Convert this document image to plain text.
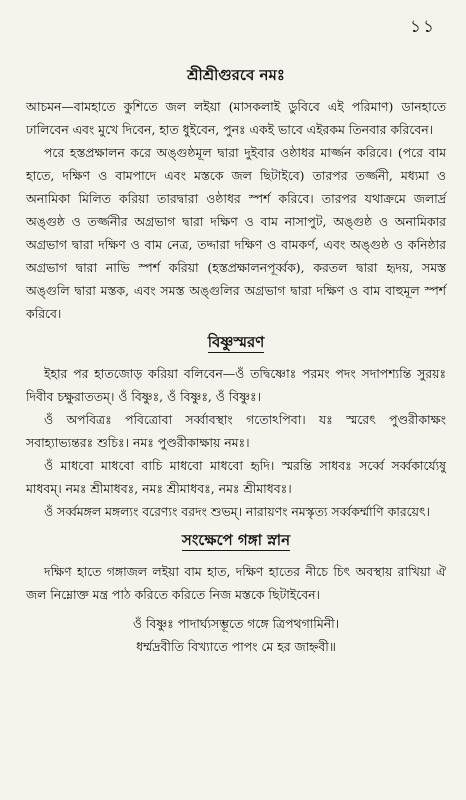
১১
শ্রীশ্রীগুরবে নমঃ

আচমন—বামহাতে কুশিতে জল লইয়া (মাসকলাই ডুবিবে এই পরিমাণ) ডানহাতে ঢালিবেন এবং মুখে দিবেন, হাত ধুইবেন, পুনঃ একই ভাবে এইরকম তিনবার করিবেন।

পরে হস্তপ্রক্ষালন করে অঙ্গুষ্ঠমূল দ্বারা দুইবার ওষ্ঠাধর মার্জ্জন করিবে। (পরে বাম হাতে, দক্ষিণ ও বামপাদে এবং মস্তকে জল ছিটাইবে) তারপর তর্জ্জনী, মধ্যমা ও অনামিকা মিলিত করিয়া তারদ্বারা ওষ্ঠাধর স্পর্শ করিবে। তারপর যথাক্রমে জলার্দ্র অঙ্গুষ্ঠ ও তর্জ্জনীর অগ্রভাগ দ্বারা দক্ষিণ ও বাম নাসাপুট, অঙ্গুষ্ঠ ও অনামিকার অগ্রভাগ দ্বারা দক্ষিণ ও বাম নেত্র, তদ্দারা দক্ষিণ ও বামকর্ণ, এবং অঙ্গুষ্ঠ ও কনিষ্ঠার অগ্রভাগ দ্বারা নাভি স্পর্শ করিয়া (হস্তপ্রক্ষালনপূর্ব্বক), করতল দ্বারা হৃদয়, সমস্ত অঙ্গুলি দ্বারা মস্তক, এবং সমস্ত অঙ্গুলির অগ্রভাগ দ্বারা দক্ষিণ ও বাম বাহুমূল স্পর্শ করিবে।

বিষ্ণুস্মরণ

ইহার পর হাতজোড় করিয়া বলিবেন—ওঁ তদ্বিষ্ণোঃ পরমং পদং সদাপশ্যন্তি সুরয়ঃ দিবীব চক্ষুরাততম্। ওঁ বিষ্ণুঃ, ওঁ বিষ্ণুঃ, ওঁ বিষ্ণুঃ।

ওঁ অপবিত্রঃ পবিত্রোবা সর্ব্বাবস্থাং গতোঽপিবা। যঃ স্মরেৎ পুণ্ডরীকাক্ষং সবাহ্যাভ্যন্তরঃ শুচিঃ। নমঃ পুণ্ডরীকাক্ষায় নমঃ।

ওঁ মাধবো মাধবো বাচি মাধবো মাধবো হৃদি। স্মরন্তি সাধবঃ সর্ব্বে সর্ব্বকার্য্যেষু মাধবম্। নমঃ শ্রীমাধবঃ, নমঃ শ্রীমাধবঃ, নমঃ শ্রীমাধবঃ।

ওঁ সর্ব্বমঙ্গল মঙ্গল্যং বরেণ্যং বরদং শুভম্। নারায়ণং নমস্কৃত্য সর্ব্বকর্ম্মাণি কারয়েৎ।

সংক্ষেপে গঙ্গা স্নান

দক্ষিণ হাতে গঙ্গাজল লইয়া বাম হাত, দক্ষিণ হাতের নীচে চিৎ অবস্থায় রাখিয়া ঐ জল নিম্নোক্ত মন্ত্র পাঠ করিতে করিতে নিজ মস্তকে ছিটাইবেন।

ওঁ বিষ্ণুঃ পাদার্ঘ্যসম্ভূতে গঙ্গে ত্রিপথগামিনী।

ধর্ম্মদ্রবীতি বিখ্যাতে পাপং মে হর জাহ্নবী॥
